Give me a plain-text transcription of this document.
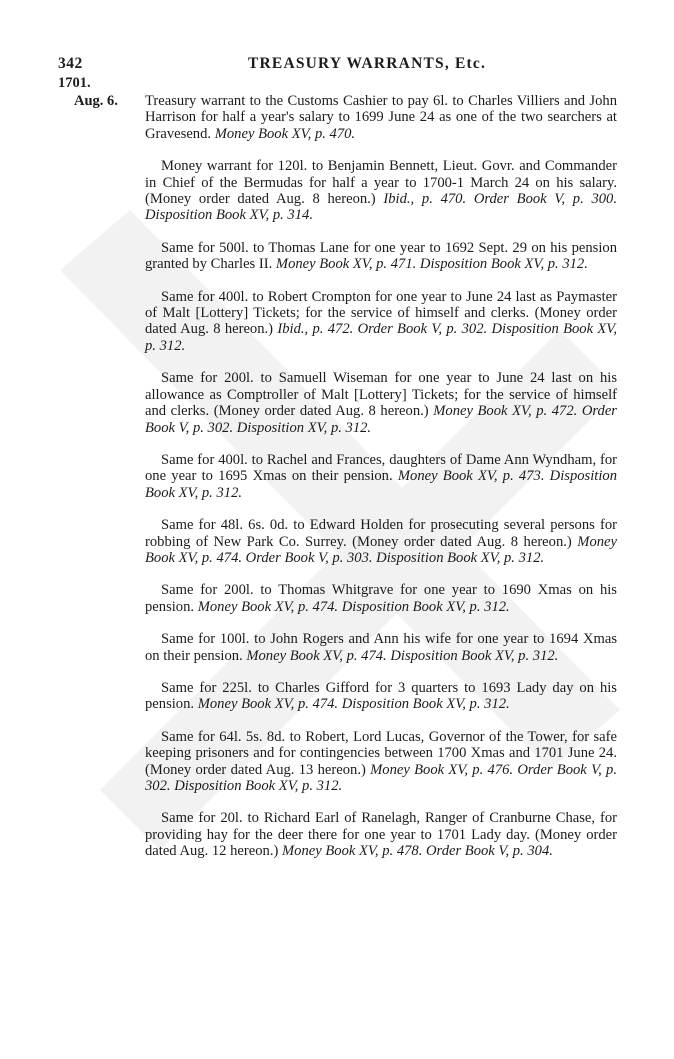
342	TREASURY WARRANTS, Etc.
1701.
Aug. 6.	Treasury warrant to the Customs Cashier to pay 6l. to Charles Villiers and John Harrison for half a year's salary to 1699 June 24 as one of the two searchers at Gravesend. Money Book XV, p. 470.

Money warrant for 120l. to Benjamin Bennett, Lieut. Govr. and Commander in Chief of the Bermudas for half a year to 1700-1 March 24 on his salary. (Money order dated Aug. 8 hereon.) Ibid., p. 470. Order Book V, p. 300. Disposition Book XV, p. 314.

Same for 500l. to Thomas Lane for one year to 1692 Sept. 29 on his pension granted by Charles II. Money Book XV, p. 471. Disposition Book XV, p. 312.

Same for 400l. to Robert Crompton for one year to June 24 last as Paymaster of Malt [Lottery] Tickets; for the service of himself and clerks. (Money order dated Aug. 8 hereon.) Ibid., p. 472. Order Book V, p. 302. Disposition Book XV, p. 312.

Same for 200l. to Samuell Wiseman for one year to June 24 last on his allowance as Comptroller of Malt [Lottery] Tickets; for the service of himself and clerks. (Money order dated Aug. 8 hereon.) Money Book XV, p. 472. Order Book V, p. 302. Disposition XV, p. 312.

Same for 400l. to Rachel and Frances, daughters of Dame Ann Wyndham, for one year to 1695 Xmas on their pension. Money Book XV, p. 473. Disposition Book XV, p. 312.

Same for 48l. 6s. 0d. to Edward Holden for prosecuting several persons for robbing of New Park Co. Surrey. (Money order dated Aug. 8 hereon.) Money Book XV, p. 474. Order Book V, p. 303. Disposition Book XV, p. 312.

Same for 200l. to Thomas Whitgrave for one year to 1690 Xmas on his pension. Money Book XV, p. 474. Disposition Book XV, p. 312.

Same for 100l. to John Rogers and Ann his wife for one year to 1694 Xmas on their pension. Money Book XV, p. 474. Disposition Book XV, p. 312.

Same for 225l. to Charles Gifford for 3 quarters to 1693 Lady day on his pension. Money Book XV, p. 474. Disposition Book XV, p. 312.

Same for 64l. 5s. 8d. to Robert, Lord Lucas, Governor of the Tower, for safe keeping prisoners and for contingencies between 1700 Xmas and 1701 June 24. (Money order dated Aug. 13 hereon.) Money Book XV, p. 476. Order Book V, p. 302. Disposition Book XV, p. 312.

Same for 20l. to Richard Earl of Ranelagh, Ranger of Cranburne Chase, for providing hay for the deer there for one year to 1701 Lady day. (Money order dated Aug. 12 hereon.) Money Book XV, p. 478. Order Book V, p. 304.
